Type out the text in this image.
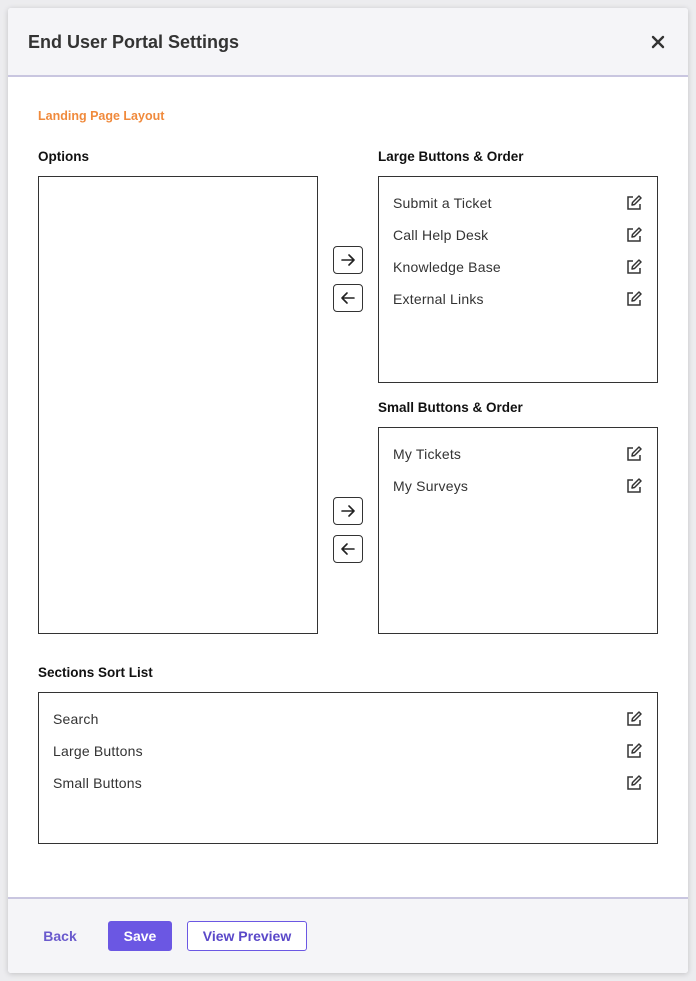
End User Portal Settings
Landing Page Layout
Options	Large Buttons & Order
Submit a Ticket
Call Help Desk
Knowledge Base
External Links
Small Buttons & Order
My Tickets
My Surveys
Sections Sort List
Search
Large Buttons
Small Buttons
Back	Save	View Preview
